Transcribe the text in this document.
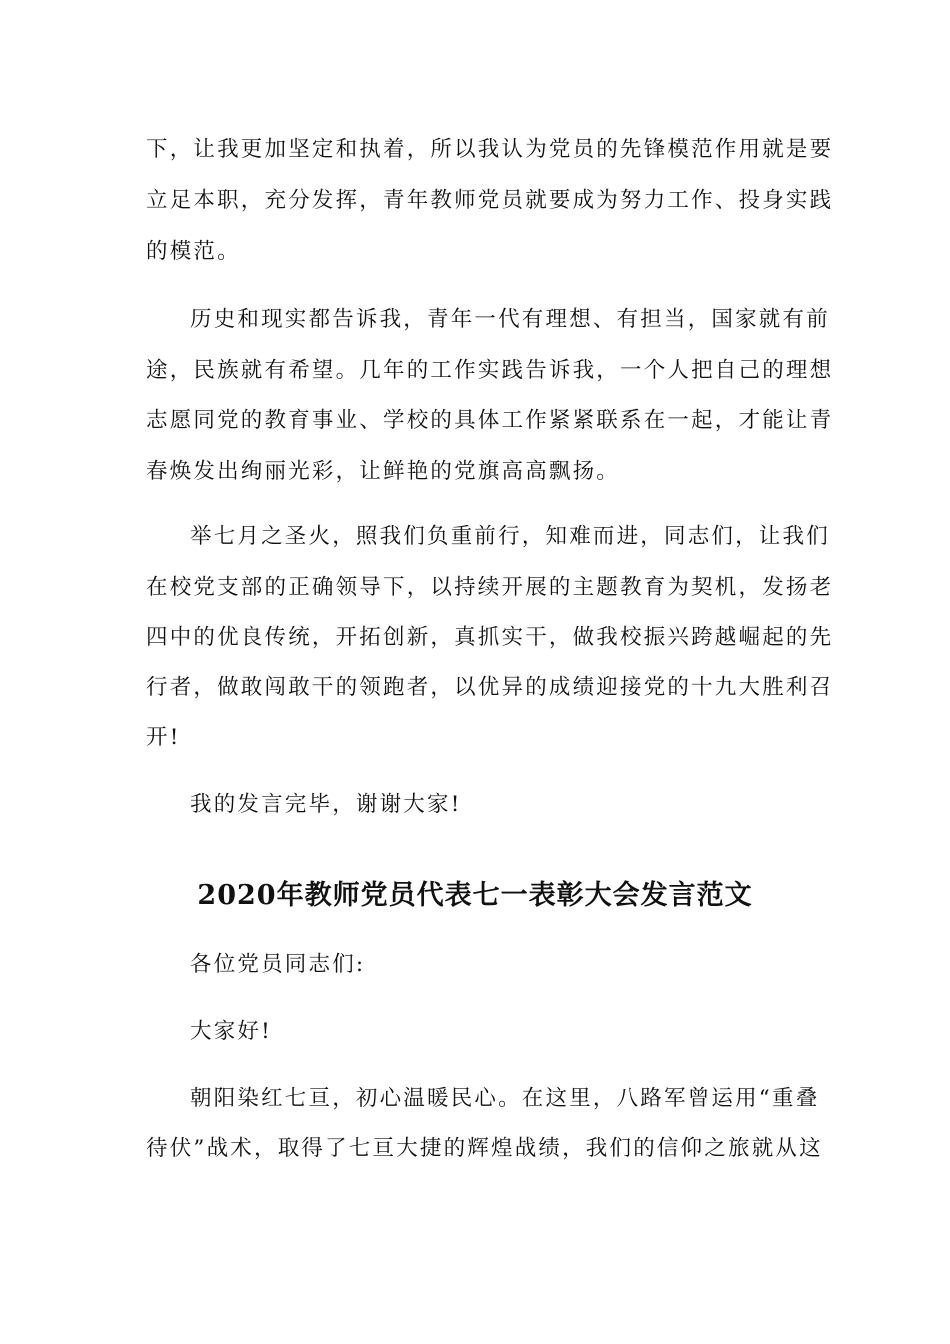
下，让我更加坚定和执着，所以我认为党员的先锋模范作用就是要
立足本职，充分发挥，青年教师党员就要成为努力工作、投身实践
的模范。
历史和现实都告诉我，青年一代有理想、有担当，国家就有前
途，民族就有希望。几年的工作实践告诉我，一个人把自己的理想
志愿同党的教育事业、学校的具体工作紧紧联系在一起，才能让青
春焕发出绚丽光彩，让鲜艳的党旗高高飘扬。
举七月之圣火，照我们负重前行，知难而进，同志们，让我们
在校党支部的正确领导下，以持续开展的主题教育为契机，发扬老
四中的优良传统，开拓创新，真抓实干，做我校振兴跨越崛起的先
行者，做敢闯敢干的领跑者，以优异的成绩迎接党的十九大胜利召
开!
我的发言完毕，谢谢大家!
2020年教师党员代表七一表彰大会发言范文
各位党员同志们:
大家好!
朝阳染红七亘，初心温暖民心。在这里，八路军曾运用“重叠
待伏”战术，取得了七亘大捷的辉煌战绩，我们的信仰之旅就从这
